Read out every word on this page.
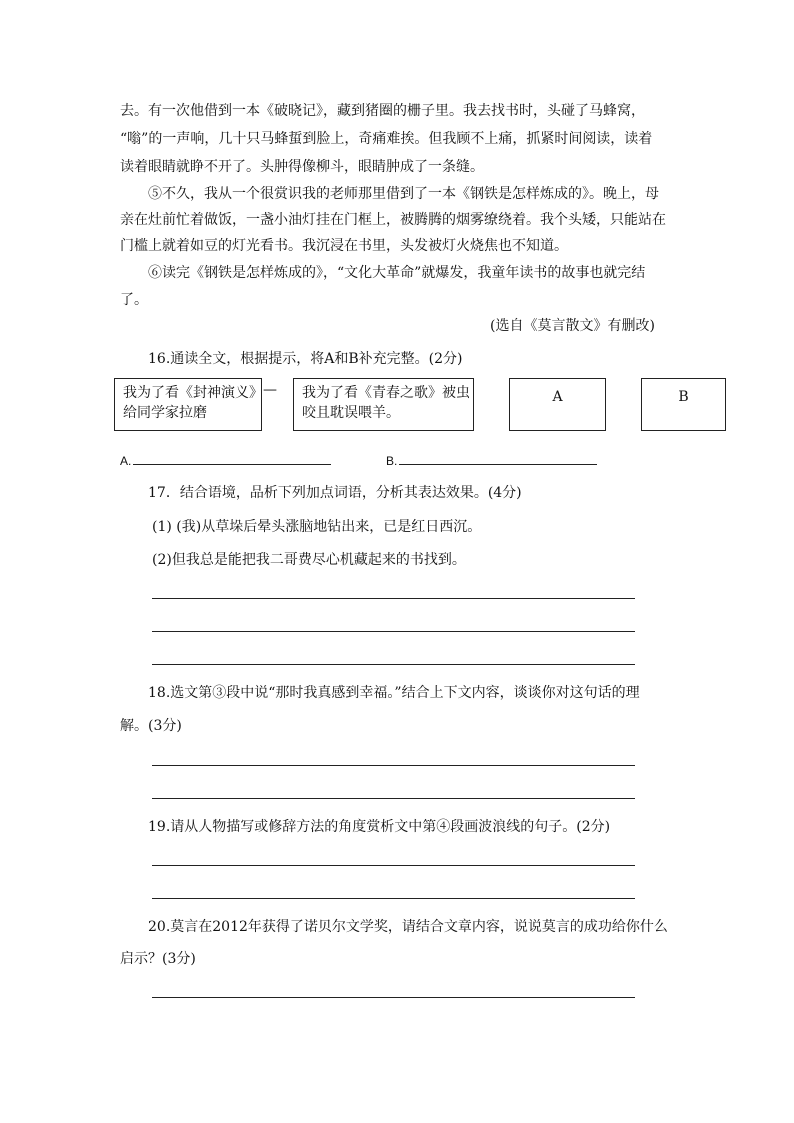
去。有一次他借到一本《破晓记》，藏到猪圈的栅子里。我去找书时，头碰了马蜂窝，
“嗡”的一声响，几十只马蜂蜇到脸上，奇痛难挨。但我顾不上痛，抓紧时间阅读，读着
读着眼睛就睁不开了。头肿得像柳斗，眼睛肿成了一条缝。
⑤不久，我从一个很赏识我的老师那里借到了一本《钢铁是怎样炼成的》。晚上，母
亲在灶前忙着做饭，一盏小油灯挂在门框上，被腾腾的烟雾缭绕着。我个头矮，只能站在
门槛上就着如豆的灯光看书。我沉浸在书里，头发被灯火烧焦也不知道。
⑥读完《钢铁是怎样炼成的》，“文化大革命”就爆发，我童年读书的故事也就完结
了。
(选自《莫言散文》有删改)
16.通读全文，根据提示，将A和B补充完整。(2分)
我为了看《封神演义》给同学家拉磨
— 我为了看《青春之歌》被虫咬且耽误喂羊。
A	B
A.	B.
17．结合语境，品析下列加点词语，分析其表达效果。(4分)
(1) (我)从草垛后晕头涨脑地钻出来，已是红日西沉。
(2)但我总是能把我二哥费尽心机藏起来的书找到。
18.选文第③段中说“那时我真感到幸福。”结合上下文内容，谈谈你对这句话的理
解。(3分)
19.请从人物描写或修辞方法的角度赏析文中第④段画波浪线的句子。(2分)
20.莫言在2012年获得了诺贝尔文学奖，请结合文章内容，说说莫言的成功给你什么
启示？(3分)
